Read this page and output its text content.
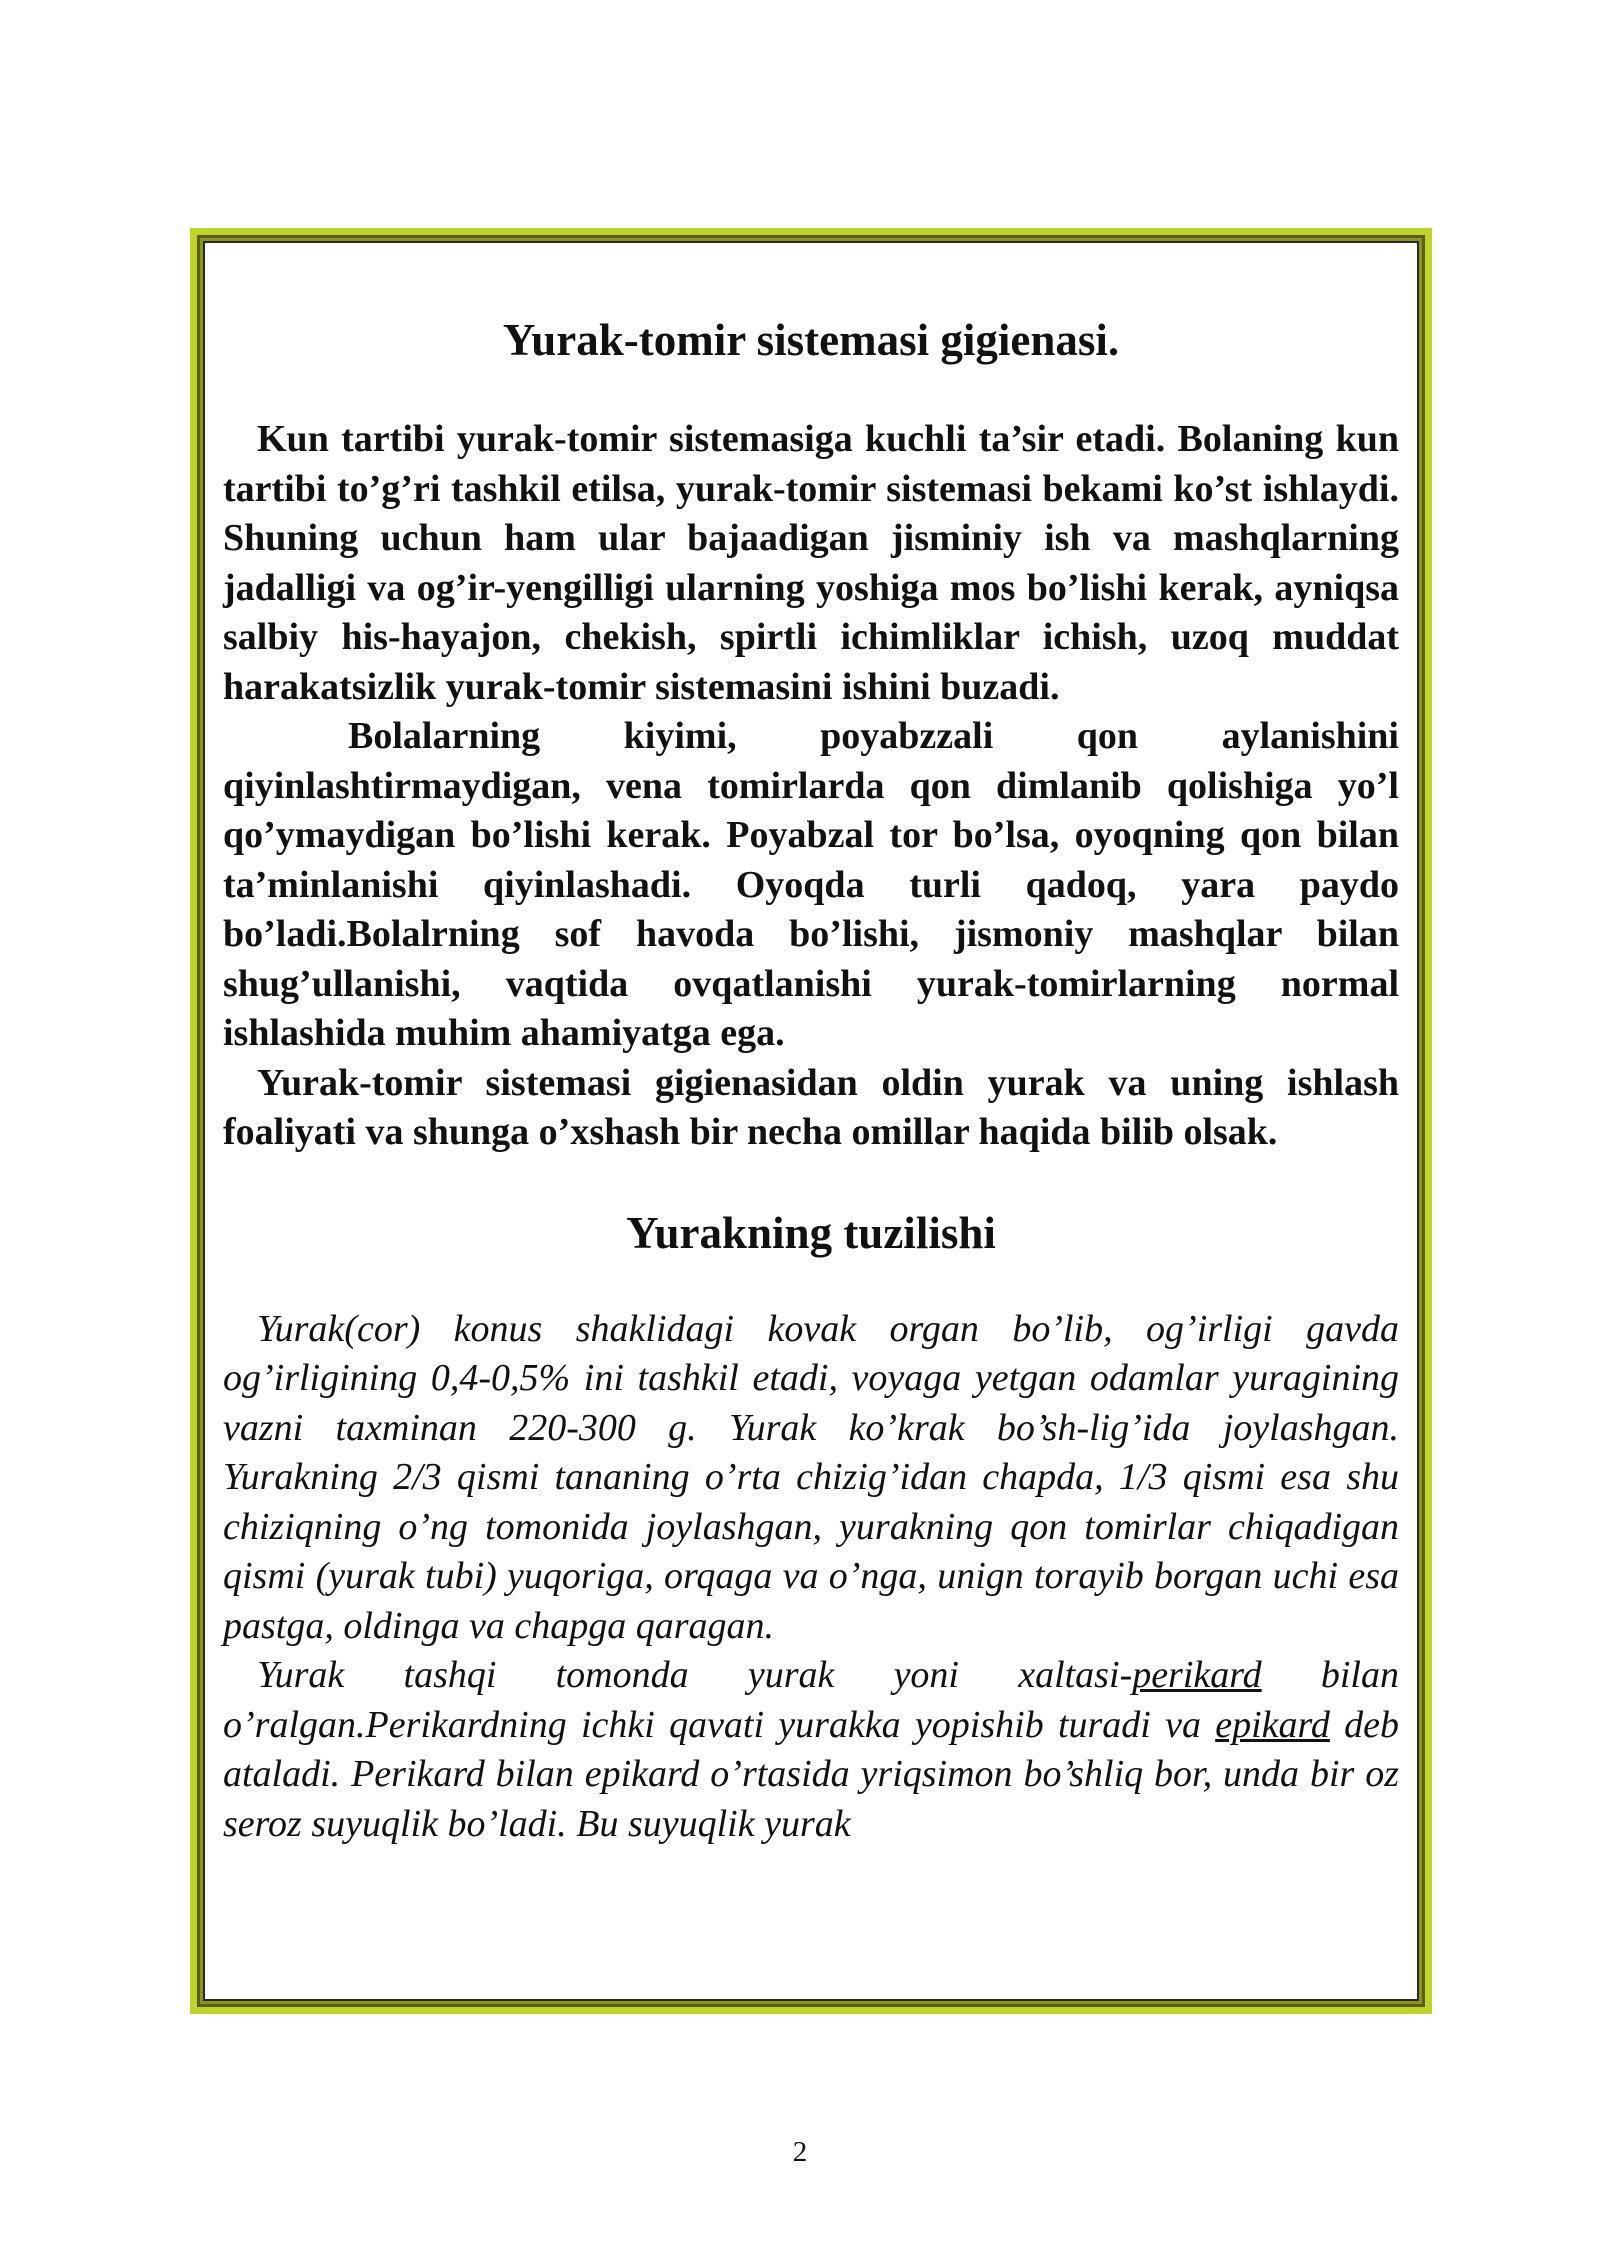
Yurak-tomir sistemasi gigienasi.

Kun tartibi yurak-tomir sistemasiga kuchli ta’sir etadi. Bolaning kun tartibi to’g’ri tashkil etilsa, yurak-tomir sistemasi bekami ko’st ishlaydi. Shuning uchun ham ular bajaadigan jisminiy ish va mashqlarning jadalligi va og’ir-yengilligi ularning yoshiga mos bo’lishi kerak, ayniqsa salbiy his-hayajon, chekish, spirtli ichimliklar ichish, uzoq muddat harakatsizlik yurak-tomir sistemasini ishini buzadi.

Bolalarning kiyimi, poyabzzali qon aylanishini qiyinlashtirmaydigan, vena tomirlarda qon dimlanib qolishiga yo’l qo’ymaydigan bo’lishi kerak. Poyabzal tor bo’lsa, oyoqning qon bilan ta’minlanishi qiyinlashadi. Oyoqda turli qadoq, yara paydo bo’ladi.Bolalrning sof havoda bo’lishi, jismoniy mashqlar bilan shug’ullanishi, vaqtida ovqatlanishi yurak-tomirlarning normal ishlashida muhim ahamiyatga ega.

Yurak-tomir sistemasi gigienasidan oldin yurak va uning ishlash foaliyati va shunga o’xshash bir necha omillar haqida bilib olsak.

Yurakning tuzilishi

Yurak(cor) konus shaklidagi kovak organ bo’lib, og’irligi gavda og’irligining 0,4-0,5% ini tashkil etadi, voyaga yetgan odamlar yuragining vazni taxminan 220-300 g. Yurak ko’krak bo’sh-lig’ida joylashgan. Yurakning 2/3 qismi tananing o’rta chizig’idan chapda, 1/3 qismi esa shu chiziqning o’ng tomonida joylashgan, yurakning qon tomirlar chiqadigan qismi (yurak tubi) yuqoriga, orqaga va o’nga, unign torayib borgan uchi esa pastga, oldinga va chapga qaragan.

Yurak tashqi tomonda yurak yoni xaltasi-perikard bilan o’ralgan.Perikardning ichki qavati yurakka yopishib turadi va epikard deb ataladi. Perikard bilan epikard o’rtasida yriqsimon bo’shliq bor, unda bir oz seroz suyuqlik bo’ladi. Bu suyuqlik yurak

2
